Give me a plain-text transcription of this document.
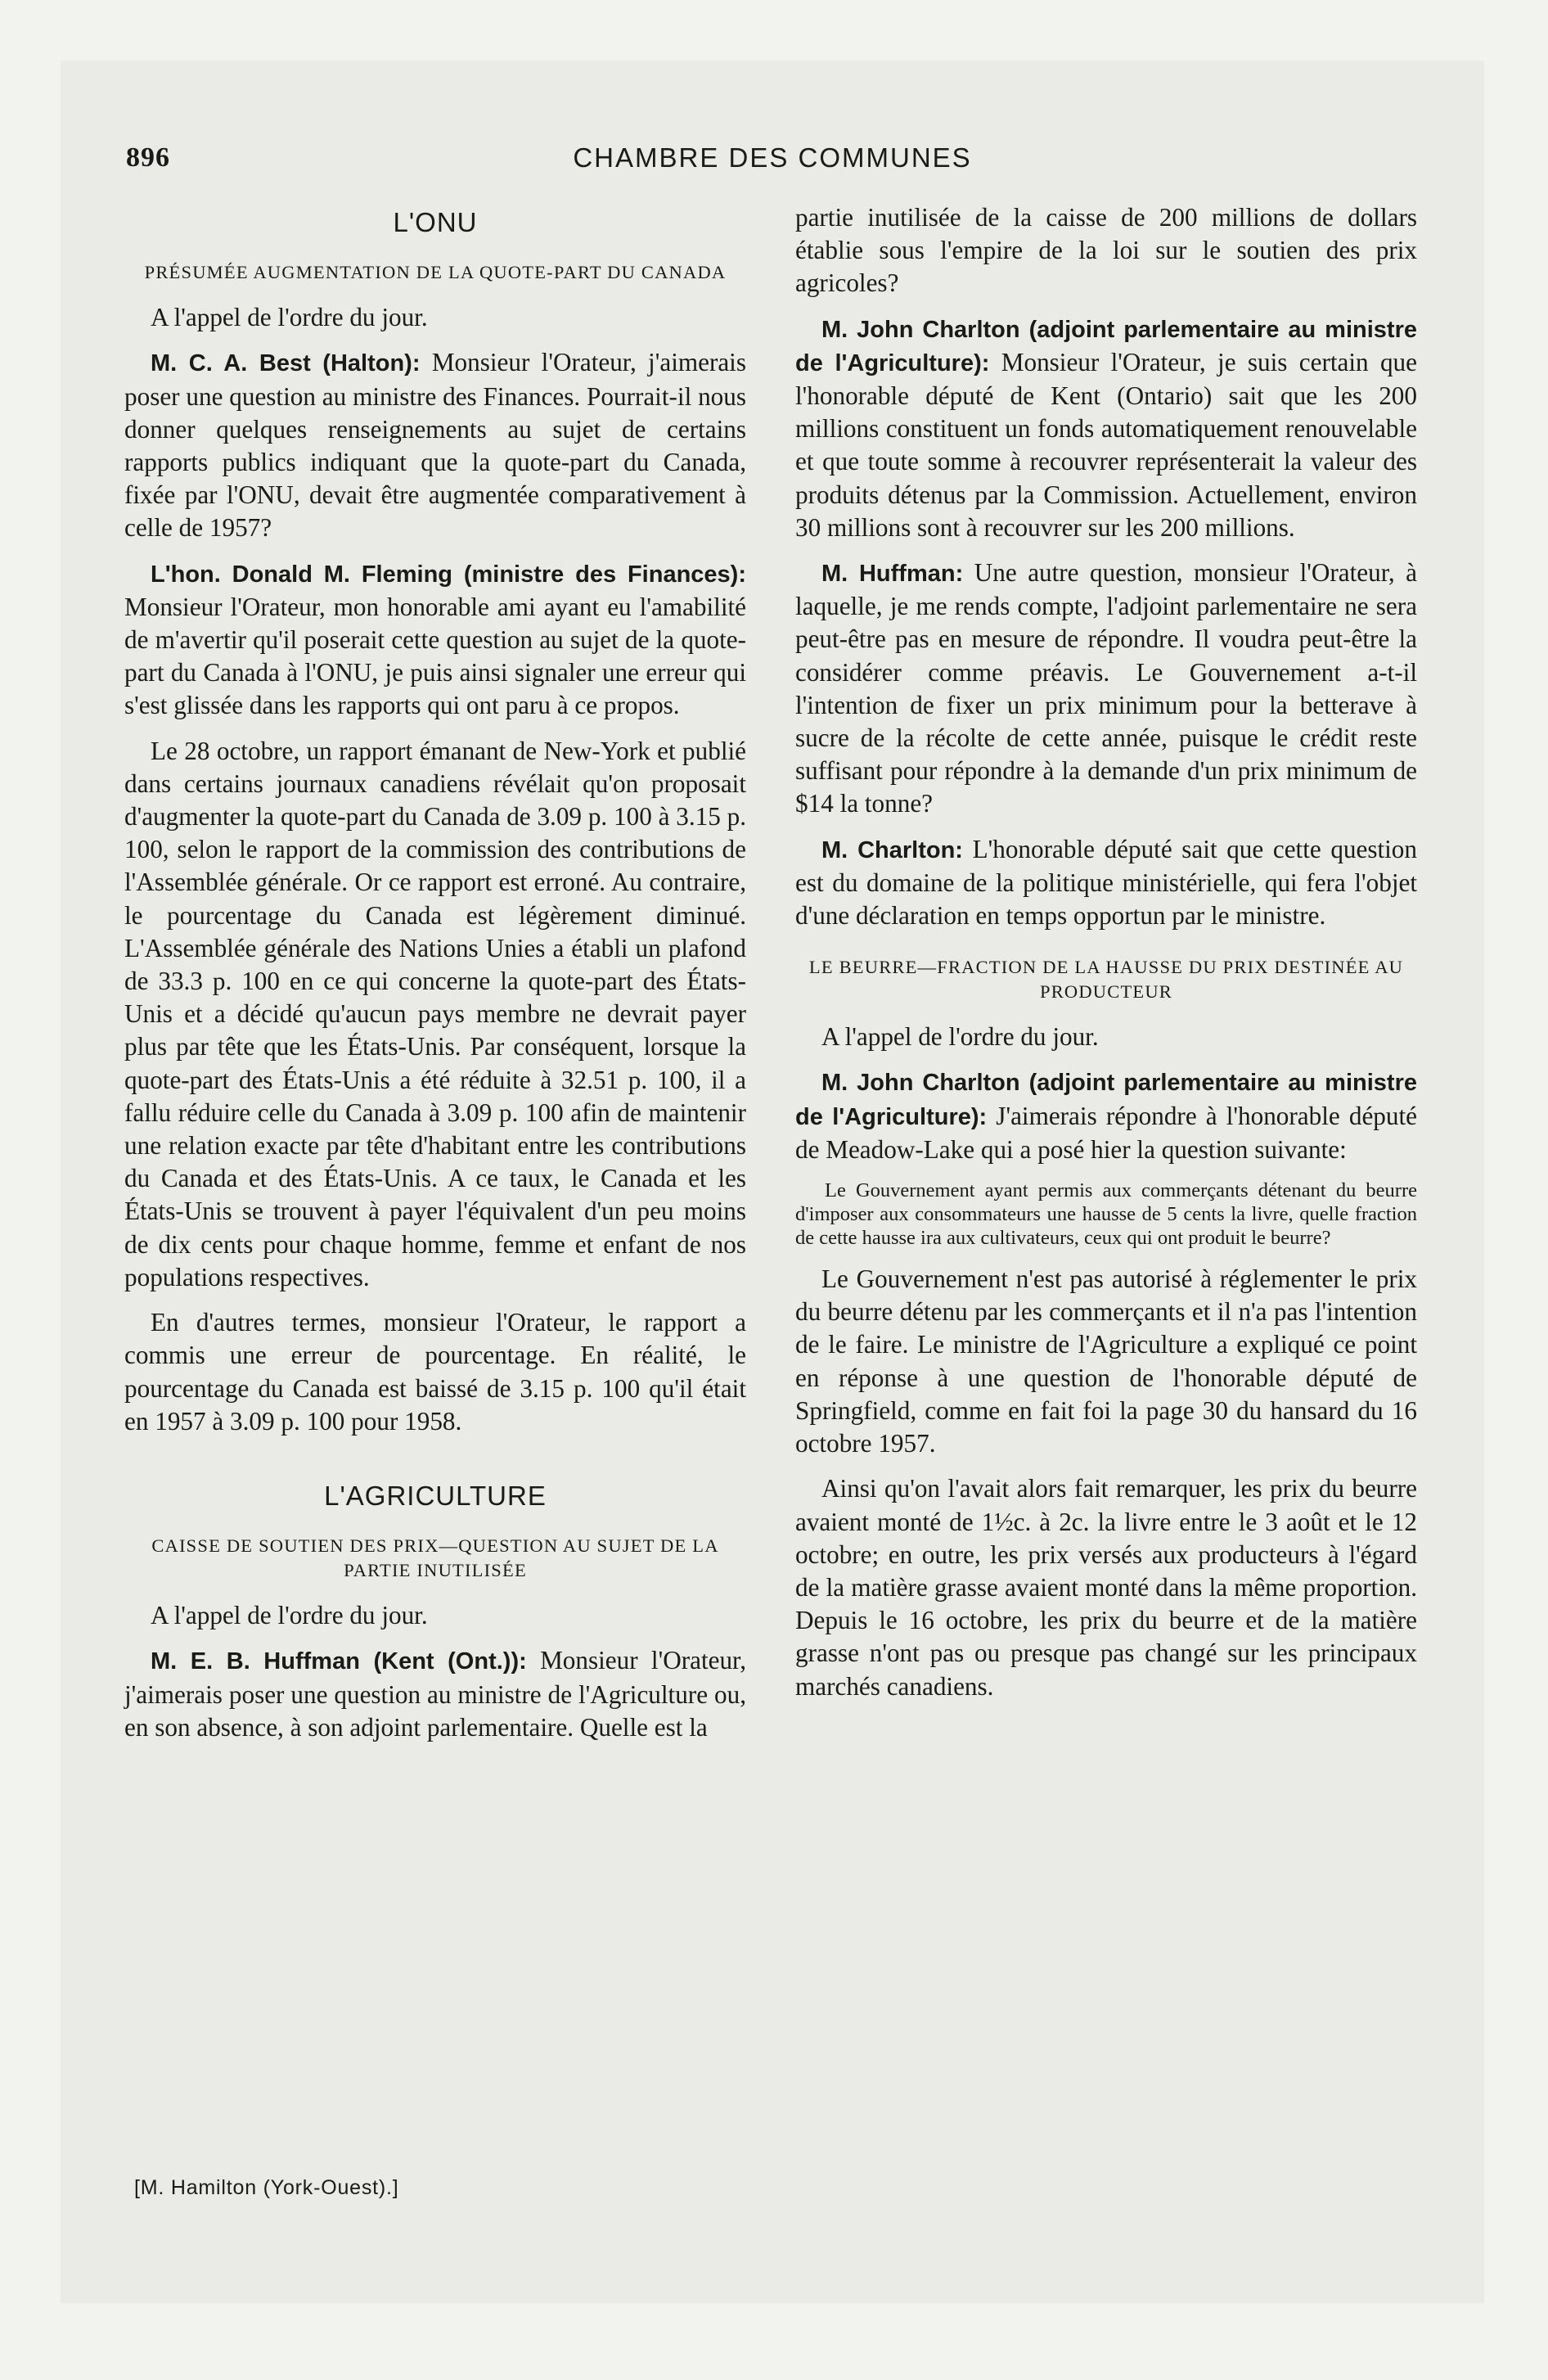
896	CHAMBRE DES COMMUNES
L'ONU
PRÉSUMÉE AUGMENTATION DE LA QUOTE-PART DU CANADA

A l'appel de l'ordre du jour.

M. C. A. Best (Halton): Monsieur l'Orateur, j'aimerais poser une question au ministre des Finances. Pourrait-il nous donner quelques renseignements au sujet de certains rapports publics indiquant que la quote-part du Canada, fixée par l'ONU, devait être augmentée comparativement à celle de 1957?

L'hon. Donald M. Fleming (ministre des Finances): Monsieur l'Orateur, mon honorable ami ayant eu l'amabilité de m'avertir qu'il poserait cette question au sujet de la quote-part du Canada à l'ONU, je puis ainsi signaler une erreur qui s'est glissée dans les rapports qui ont paru à ce propos.

Le 28 octobre, un rapport émanant de New-York et publié dans certains journaux canadiens révélait qu'on proposait d'augmenter la quote-part du Canada de 3.09 p. 100 à 3.15 p. 100, selon le rapport de la commission des contributions de l'Assemblée générale. Or ce rapport est erroné. Au contraire, le pourcentage du Canada est légèrement diminué. L'Assemblée générale des Nations Unies a établi un plafond de 33.3 p. 100 en ce qui concerne la quote-part des États-Unis et a décidé qu'aucun pays membre ne devrait payer plus par tête que les États-Unis. Par conséquent, lorsque la quote-part des États-Unis a été réduite à 32.51 p. 100, il a fallu réduire celle du Canada à 3.09 p. 100 afin de maintenir une relation exacte par tête d'habitant entre les contributions du Canada et des États-Unis. A ce taux, le Canada et les États-Unis se trouvent à payer l'équivalent d'un peu moins de dix cents pour chaque homme, femme et enfant de nos populations respectives.

En d'autres termes, monsieur l'Orateur, le rapport a commis une erreur de pourcentage. En réalité, le pourcentage du Canada est baissé de 3.15 p. 100 qu'il était en 1957 à 3.09 p. 100 pour 1958.

L'AGRICULTURE
CAISSE DE SOUTIEN DES PRIX—QUESTION AU SUJET DE LA PARTIE INUTILISÉE

A l'appel de l'ordre du jour.

M. E. B. Huffman (Kent (Ont.)): Monsieur l'Orateur, j'aimerais poser une question au ministre de l'Agriculture ou, en son absence, à son adjoint parlementaire. Quelle est la

partie inutilisée de la caisse de 200 millions de dollars établie sous l'empire de la loi sur le soutien des prix agricoles?

M. John Charlton (adjoint parlementaire au ministre de l'Agriculture): Monsieur l'Orateur, je suis certain que l'honorable député de Kent (Ontario) sait que les 200 millions constituent un fonds automatiquement renouvelable et que toute somme à recouvrer représenterait la valeur des produits détenus par la Commission. Actuellement, environ 30 millions sont à recouvrer sur les 200 millions.

M. Huffman: Une autre question, monsieur l'Orateur, à laquelle, je me rends compte, l'adjoint parlementaire ne sera peut-être pas en mesure de répondre. Il voudra peut-être la considérer comme préavis. Le Gouvernement a-t-il l'intention de fixer un prix minimum pour la betterave à sucre de la récolte de cette année, puisque le crédit reste suffisant pour répondre à la demande d'un prix minimum de $14 la tonne?

M. Charlton: L'honorable député sait que cette question est du domaine de la politique ministérielle, qui fera l'objet d'une déclaration en temps opportun par le ministre.

LE BEURRE—FRACTION DE LA HAUSSE DU PRIX DESTINÉE AU PRODUCTEUR

A l'appel de l'ordre du jour.

M. John Charlton (adjoint parlementaire au ministre de l'Agriculture): J'aimerais répondre à l'honorable député de Meadow-Lake qui a posé hier la question suivante:

Le Gouvernement ayant permis aux commerçants détenant du beurre d'imposer aux consommateurs une hausse de 5 cents la livre, quelle fraction de cette hausse ira aux cultivateurs, ceux qui ont produit le beurre?

Le Gouvernement n'est pas autorisé à réglementer le prix du beurre détenu par les commerçants et il n'a pas l'intention de le faire. Le ministre de l'Agriculture a expliqué ce point en réponse à une question de l'honorable député de Springfield, comme en fait foi la page 30 du hansard du 16 octobre 1957.

Ainsi qu'on l'avait alors fait remarquer, les prix du beurre avaient monté de 1½c. à 2c. la livre entre le 3 août et le 12 octobre; en outre, les prix versés aux producteurs à l'égard de la matière grasse avaient monté dans la même proportion. Depuis le 16 octobre, les prix du beurre et de la matière grasse n'ont pas ou presque pas changé sur les principaux marchés canadiens.

[M. Hamilton (York-Ouest).]
